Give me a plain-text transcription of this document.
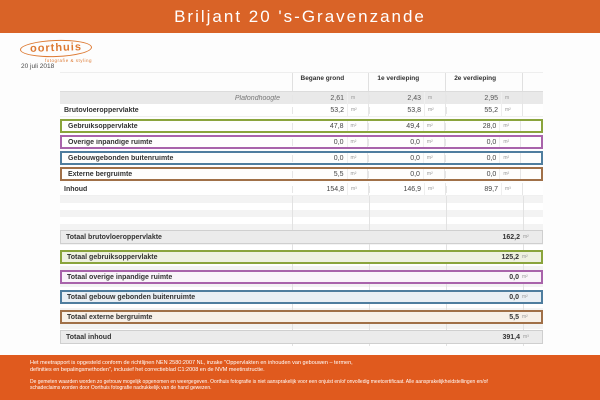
Briljant 20 's-Gravenzande
oorthuis
fotografie & styling
20 juli 2018
Begane grond	1e verdieping	2e verdieping
Plafondhoogte	2,61	m	2,43	m	2,95	m
Brutovloeroppervlakte	53,2	m²	53,8	m²	55,2	m²
Gebruiksoppervlakte	47,8	m²	49,4	m²	28,0	m²
Overige inpandige ruimte	0,0	m²	0,0	m²	0,0	m²
Gebouwgebonden buitenruimte	0,0	m²	0,0	m²	0,0	m²
Externe bergruimte	5,5	m²	0,0	m²	0,0	m²
Inhoud	154,8	m³	146,9	m³	89,7	m³
Totaal brutovloeroppervlakte	162,2 m²
Totaal gebruiksoppervlakte	125,2 m²
Totaal overige inpandige ruimte	0,0 m²
Totaal gebouw gebonden buitenruimte	0,0 m²
Totaal externe bergruimte	5,5 m²
Totaal inhoud	391,4 m³

Het meetrapport is opgesteld conform de richtlijnen NEN 2580:2007 NL, inzake "Oppervlakten en inhouden van gebouwen – termen, definities en bepalingsmethoden", inclusief het correctieblad C1:2008 en de NVM meetinstructie.

De gemeten waarden worden zo getrouw mogelijk opgenomen en weergegeven. Oorthuis fotografie is niet aansprakelijk voor een onjuist en/of onvolledig meetcertificaat. Alle aansprakelijkheidstellingen en/of schadeclaims worden door Oorthuis fotografie nadrukkelijk van de hand gewezen.
